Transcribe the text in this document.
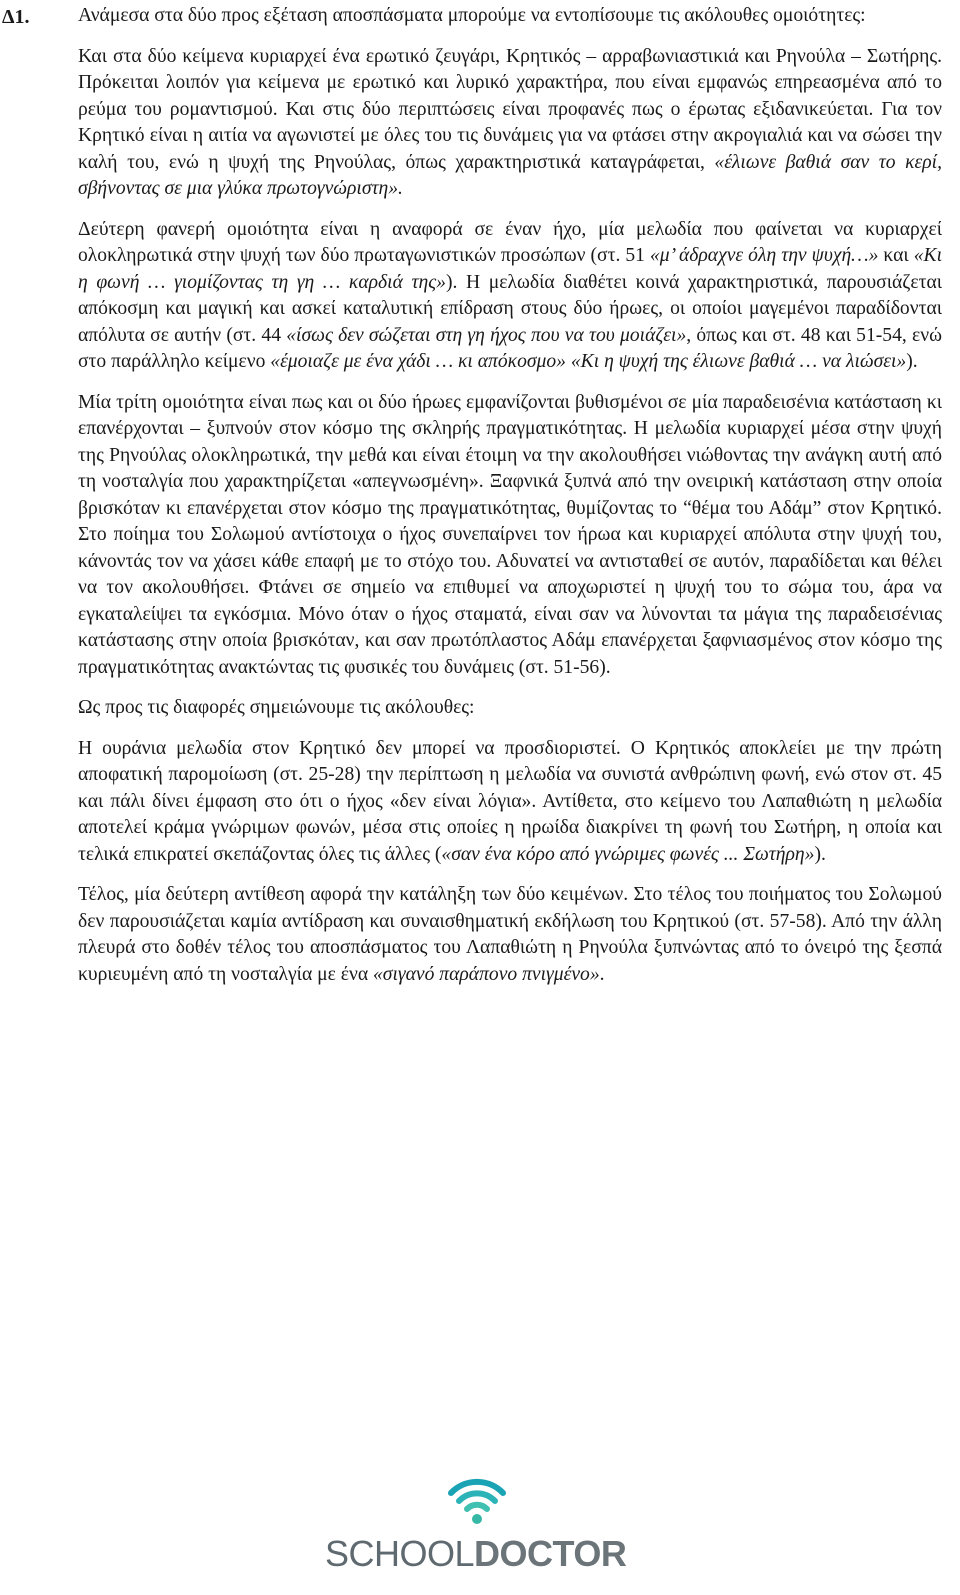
Δ1. Ανάμεσα στα δύο προς εξέταση αποσπάσματα μπορούμε να εντοπίσουμε τις ακόλουθες ομοιότητες:

Και στα δύο κείμενα κυριαρχεί ένα ερωτικό ζευγάρι, Κρητικός – αρραβωνιαστικιά και Ρηνούλα – Σωτήρης. Πρόκειται λοιπόν για κείμενα με ερωτικό και λυρικό χαρακτήρα, που είναι εμφανώς επηρεασμένα από το ρεύμα του ρομαντισμού. Και στις δύο περιπτώσεις είναι προφανές πως ο έρωτας εξιδανικεύεται. Για τον Κρητικό είναι η αιτία να αγωνιστεί με όλες του τις δυνάμεις για να φτάσει στην ακρογιαλιά και να σώσει την καλή του, ενώ η ψυχή της Ρηνούλας, όπως χαρακτηριστικά καταγράφεται, «έλιωνε βαθιά σαν το κερί, σβήνοντας σε μια γλύκα πρωτογνώριστη».

Δεύτερη φανερή ομοιότητα είναι η αναφορά σε έναν ήχο, μία μελωδία που φαίνεται να κυριαρχεί ολοκληρωτικά στην ψυχή των δύο πρωταγωνιστικών προσώπων (στ. 51 «μ’ άδραχνε όλη την ψυχή…» και «Κι η φωνή … γιομίζοντας τη γη … καρδιά της»). Η μελωδία διαθέτει κοινά χαρακτηριστικά, παρουσιάζεται απόκοσμη και μαγική και ασκεί καταλυτική επίδραση στους δύο ήρωες, οι οποίοι μαγεμένοι παραδίδονται απόλυτα σε αυτήν (στ. 44 «ίσως δεν σώζεται στη γη ήχος που να του μοιάζει», όπως και στ. 48 και 51-54, ενώ στο παράλληλο κείμενο «έμοιαζε με ένα χάδι … κι απόκοσμο» «Κι η ψυχή της έλιωνε βαθιά … να λιώσει»).

Μία τρίτη ομοιότητα είναι πως και οι δύο ήρωες εμφανίζονται βυθισμένοι σε μία παραδεισένια κατάσταση κι επανέρχονται – ξυπνούν στον κόσμο της σκληρής πραγματικότητας. Η μελωδία κυριαρχεί μέσα στην ψυχή της Ρηνούλας ολοκληρωτικά, την μεθά και είναι έτοιμη να την ακολουθήσει νιώθοντας την ανάγκη αυτή από τη νοσταλγία που χαρακτηρίζεται «απεγνωσμένη». Ξαφνικά ξυπνά από την ονειρική κατάσταση στην οποία βρισκόταν κι επανέρχεται στον κόσμο της πραγματικότητας, θυμίζοντας το “θέμα του Αδάμ” στον Κρητικό. Στο ποίημα του Σολωμού αντίστοιχα ο ήχος συνεπαίρνει τον ήρωα και κυριαρχεί απόλυτα στην ψυχή του, κάνοντάς τον να χάσει κάθε επαφή με το στόχο του. Αδυνατεί να αντισταθεί σε αυτόν, παραδίδεται και θέλει να τον ακολουθήσει. Φτάνει σε σημείο να επιθυμεί να αποχωριστεί η ψυχή του το σώμα του, άρα να εγκαταλείψει τα εγκόσμια. Μόνο όταν ο ήχος σταματά, είναι σαν να λύνονται τα μάγια της παραδεισένιας κατάστασης στην οποία βρισκόταν, και σαν πρωτόπλαστος Αδάμ επανέρχεται ξαφνιασμένος στον κόσμο της πραγματικότητας ανακτώντας τις φυσικές του δυνάμεις (στ. 51-56).

Ως προς τις διαφορές σημειώνουμε τις ακόλουθες:

Η ουράνια μελωδία στον Κρητικό δεν μπορεί να προσδιοριστεί. Ο Κρητικός αποκλείει με την πρώτη αποφατική παρομοίωση (στ. 25-28) την περίπτωση η μελωδία να συνιστά ανθρώπινη φωνή, ενώ στον στ. 45 και πάλι δίνει έμφαση στο ότι ο ήχος «δεν είναι λόγια». Αντίθετα, στο κείμενο του Λαπαθιώτη η μελωδία αποτελεί κράμα γνώριμων φωνών, μέσα στις οποίες η ηρωίδα διακρίνει τη φωνή του Σωτήρη, η οποία και τελικά επικρατεί σκεπάζοντας όλες τις άλλες («σαν ένα κόρο από γνώριμες φωνές ... Σωτήρη»).

Τέλος, μία δεύτερη αντίθεση αφορά την κατάληξη των δύο κειμένων. Στο τέλος του ποιήματος του Σολωμού δεν παρουσιάζεται καμία αντίδραση και συναισθηματική εκδήλωση του Κρητικού (στ. 57-58). Από την άλλη πλευρά στο δοθέν τέλος του αποσπάσματος του Λαπαθιώτη η Ρηνούλα ξυπνώντας από το όνειρό της ξεσπά κυριευμένη από τη νοσταλγία με ένα «σιγανό παράπονο πνιγμένο».

SCHOOLDOCTOR
